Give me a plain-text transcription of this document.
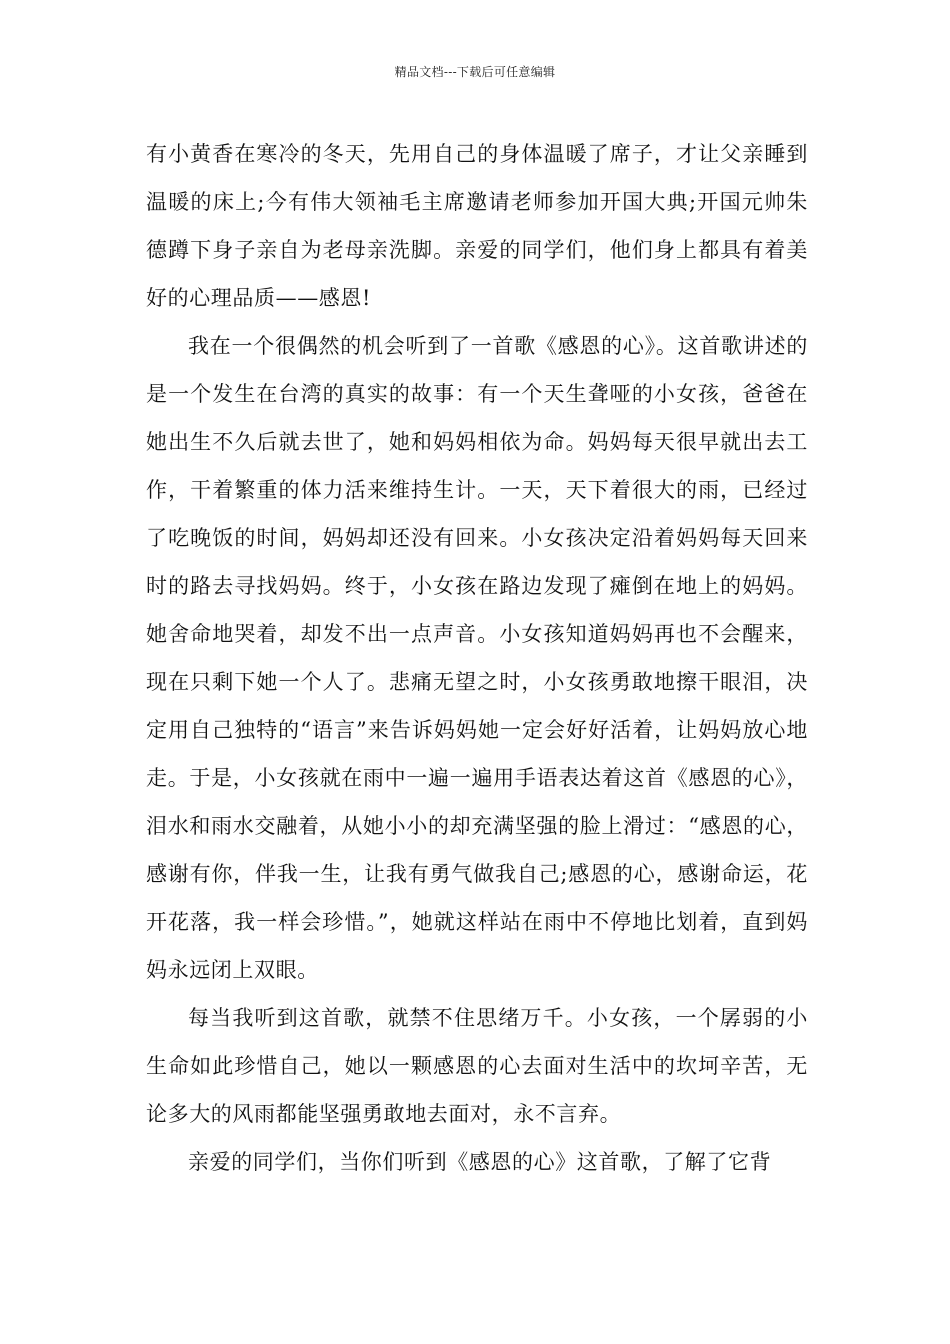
精品文档---下载后可任意编辑

有小黄香在寒冷的冬天，先用自己的身体温暖了席子，才让父亲睡到温暖的床上;今有伟大领袖毛主席邀请老师参加开国大典;开国元帅朱德蹲下身子亲自为老母亲洗脚。亲爱的同学们，他们身上都具有着美好的心理品质——感恩!

我在一个很偶然的机会听到了一首歌《感恩的心》。这首歌讲述的是一个发生在台湾的真实的故事：有一个天生聋哑的小女孩，爸爸在她出生不久后就去世了，她和妈妈相依为命。妈妈每天很早就出去工作，干着繁重的体力活来维持生计。一天，天下着很大的雨，已经过了吃晚饭的时间，妈妈却还没有回来。小女孩决定沿着妈妈每天回来时的路去寻找妈妈。终于，小女孩在路边发现了瘫倒在地上的妈妈。她舍命地哭着，却发不出一点声音。小女孩知道妈妈再也不会醒来，现在只剩下她一个人了。悲痛无望之时，小女孩勇敢地擦干眼泪，决定用自己独特的“语言”来告诉妈妈她一定会好好活着，让妈妈放心地走。于是，小女孩就在雨中一遍一遍用手语表达着这首《感恩的心》，泪水和雨水交融着，从她小小的却充满坚强的脸上滑过：“感恩的心，感谢有你，伴我一生，让我有勇气做我自己;感恩的心，感谢命运，花开花落，我一样会珍惜。”，她就这样站在雨中不停地比划着，直到妈妈永远闭上双眼。

每当我听到这首歌，就禁不住思绪万千。小女孩，一个孱弱的小生命如此珍惜自己，她以一颗感恩的心去面对生活中的坎坷辛苦，无论多大的风雨都能坚强勇敢地去面对，永不言弃。

亲爱的同学们，当你们听到《感恩的心》这首歌，了解了它背
